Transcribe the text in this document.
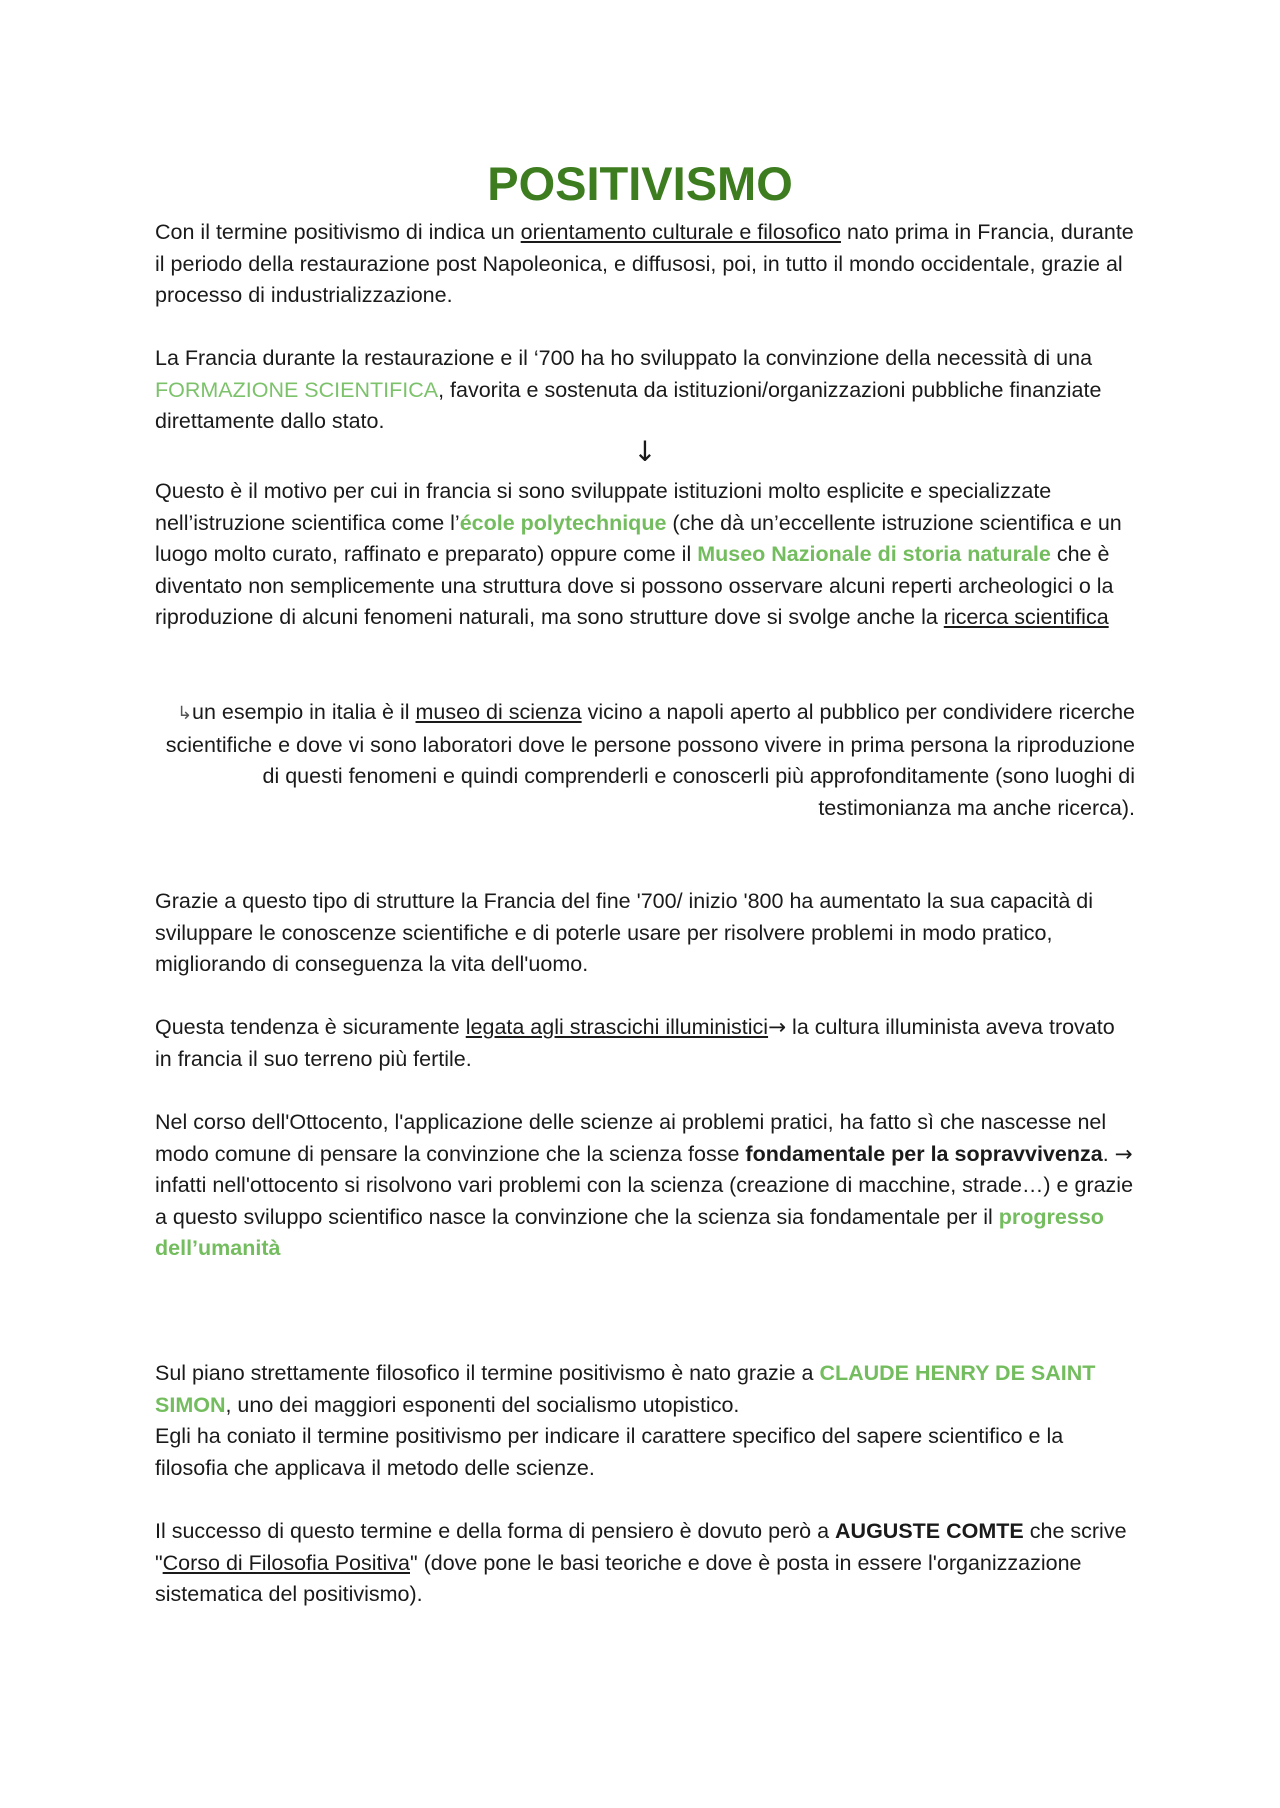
POSITIVISMO

Con il termine positivismo di indica un orientamento culturale e filosofico nato prima in Francia, durante il periodo della restaurazione post Napoleonica, e diffusosi, poi, in tutto il mondo occidentale, grazie al processo di industrializzazione.

La Francia durante la restaurazione e il ‘700 ha ho sviluppato la convinzione della necessità di una FORMAZIONE SCIENTIFICA, favorita e sostenuta da istituzioni/organizzazioni pubbliche finanziate direttamente dallo stato.

↓

Questo è il motivo per cui in francia si sono sviluppate istituzioni molto esplicite e specializzate nell’istruzione scientifica come l’école polytechnique (che dà un’eccellente istruzione scientifica e un luogo molto curato, raffinato e preparato) oppure come il Museo Nazionale di storia naturale che è diventato non semplicemente una struttura dove si possono osservare alcuni reperti archeologici o la riproduzione di alcuni fenomeni naturali, ma sono strutture dove si svolge anche la ricerca scientifica

↳un esempio in italia è il museo di scienza vicino a napoli aperto al pubblico per condividere ricerche scientifiche e dove vi sono laboratori dove le persone possono vivere in prima persona la riproduzione di questi fenomeni e quindi comprenderli e conoscerli più approfonditamente (sono luoghi di testimonianza ma anche ricerca).

Grazie a questo tipo di strutture la Francia del fine '700/ inizio '800 ha aumentato la sua capacità di sviluppare le conoscenze scientifiche e di poterle usare per risolvere problemi in modo pratico, migliorando di conseguenza la vita dell'uomo.

Questa tendenza è sicuramente legata agli strascichi illuministici→ la cultura illuminista aveva trovato in francia il suo terreno più fertile.

Nel corso dell'Ottocento, l'applicazione delle scienze ai problemi pratici, ha fatto sì che nascesse nel modo comune di pensare la convinzione che la scienza fosse fondamentale per la sopravvivenza. → infatti nell'ottocento si risolvono vari problemi con la scienza (creazione di macchine, strade…) e grazie a questo sviluppo scientifico nasce la convinzione che la scienza sia fondamentale per il progresso dell’umanità

Sul piano strettamente filosofico il termine positivismo è nato grazie a CLAUDE HENRY DE SAINT SIMON, uno dei maggiori esponenti del socialismo utopistico.
Egli ha coniato il termine positivismo per indicare il carattere specifico del sapere scientifico e la filosofia che applicava il metodo delle scienze.

Il successo di questo termine e della forma di pensiero è dovuto però a AUGUSTE COMTE che scrive "Corso di Filosofia Positiva" (dove pone le basi teoriche e dove è posta in essere l'organizzazione sistematica del positivismo).
